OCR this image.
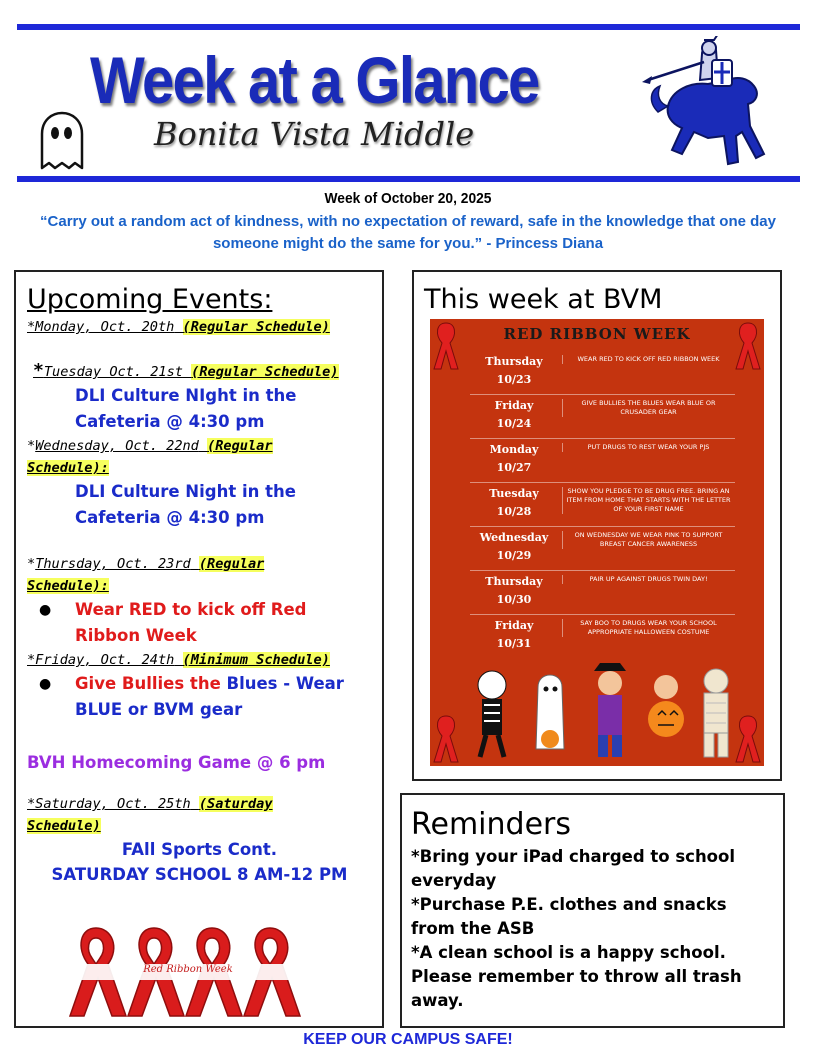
Week at a Glance
Bonita Vista Middle
Week of October 20, 2025
“Carry out a random act of kindness, with no expectation of reward, safe in the knowledge that one day someone might do the same for you.” - Princess Diana
Upcoming Events:
*Monday, Oct. 20th (Regular Schedule)
*Tuesday Oct. 21st (Regular Schedule)
DLI Culture NIght in the
Cafeteria @ 4:30 pm
*Wednesday, Oct. 22nd (Regular
Schedule):
DLI Culture Night in the
Cafeteria @ 4:30 pm
*Thursday, Oct. 23rd (Regular
Schedule):
● Wear RED to kick off Red
Ribbon Week
*Friday, Oct. 24th (Minimum Schedule)
● Give Bullies the Blues - Wear
BLUE or BVM gear
BVH Homecoming Game @ 6 pm
*Saturday, Oct. 25th (Saturday
Schedule)
FAll Sports Cont.
SATURDAY SCHOOL 8 AM-12 PM
Red Ribbon Week
This week at BVM
RED RIBBON WEEK
Thursday
10/23
WEAR RED TO KICK OFF RED RIBBON WEEK
Friday
10/24
GIVE BULLIES THE BLUES WEAR BLUE OR CRUSADER GEAR
Monday
10/27
PUT DRUGS TO REST WEAR YOUR PJS
Tuesday
10/28
SHOW YOU PLEDGE TO BE DRUG FREE. BRING AN ITEM FROM HOME THAT STARTS WITH THE LETTER OF YOUR FIRST NAME
Wednesday
10/29
ON WEDNESDAY WE WEAR PINK TO SUPPORT BREAST CANCER AWARENESS
Thursday
10/30
PAIR UP AGAINST DRUGS TWIN DAY!
Friday
10/31
SAY BOO TO DRUGS WEAR YOUR SCHOOL APPROPRIATE HALLOWEEN COSTUME
Reminders
*Bring your iPad charged to school everyday
*Purchase P.E. clothes and snacks from the ASB
*A clean school is a happy school. Please remember to throw all trash away.
KEEP OUR CAMPUS SAFE!
